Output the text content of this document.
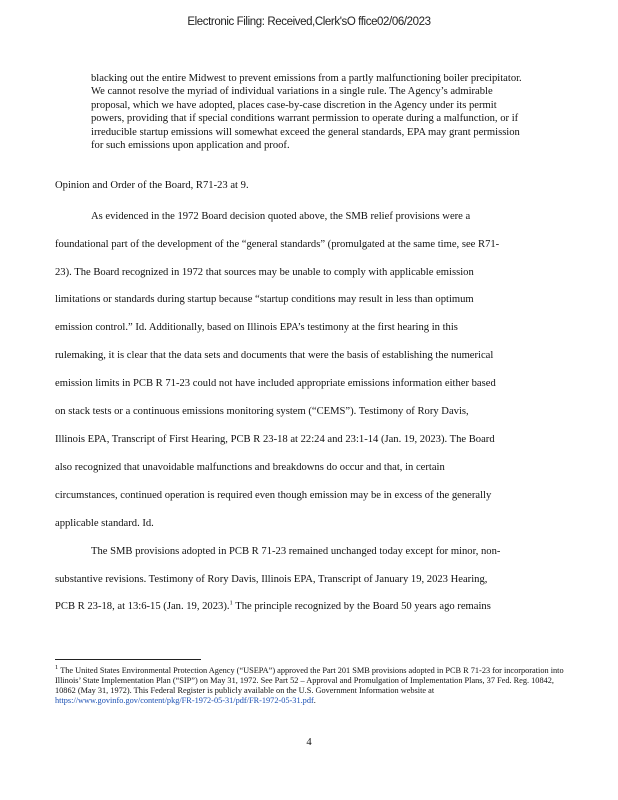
Electronic Filing: Received,Clerk'sO ffice02/06/2023

blacking out the entire Midwest to prevent emissions from a partly malfunctioning boiler precipitator. We cannot resolve the myriad of individual variations in a single rule. The Agency’s admirable proposal, which we have adopted, places case-by-case discretion in the Agency under its permit powers, providing that if special conditions warrant permission to operate during a malfunction, or if irreducible startup emissions will somewhat exceed the general standards, EPA may grant permission for such emissions upon application and proof.

Opinion and Order of the Board, R71-23 at 9.
As evidenced in the 1972 Board decision quoted above, the SMB relief provisions were a
foundational part of the development of the “general standards” (promulgated at the same time, see R71-
23). The Board recognized in 1972 that sources may be unable to comply with applicable emission
limitations or standards during startup because “startup conditions may result in less than optimum
emission control.” Id. Additionally, based on Illinois EPA’s testimony at the first hearing in this
rulemaking, it is clear that the data sets and documents that were the basis of establishing the numerical
emission limits in PCB R 71-23 could not have included appropriate emissions information either based
on stack tests or a continuous emissions monitoring system (“CEMS”). Testimony of Rory Davis,
Illinois EPA, Transcript of First Hearing, PCB R 23-18 at 22:24 and 23:1-14 (Jan. 19, 2023). The Board
also recognized that unavoidable malfunctions and breakdowns do occur and that, in certain
circumstances, continued operation is required even though emission may be in excess of the generally
applicable standard. Id.
The SMB provisions adopted in PCB R 71-23 remained unchanged today except for minor, non-
substantive revisions. Testimony of Rory Davis, Illinois EPA, Transcript of January 19, 2023 Hearing,
PCB R 23-18, at 13:6-15 (Jan. 19, 2023).$^1$ The principle recognized by the Board 50 years ago remains
$^1$ The United States Environmental Protection Agency (“USEPA”) approved the Part 201 SMB provisions adopted in PCB R 71-23 for incorporation into Illinois’ State Implementation Plan (“SIP”) on May 31, 1972. See Part 52 – Approval and Promulgation of Implementation Plans, 37 Fed. Reg. 10842, 10862 (May 31, 1972). This Federal Register is publicly available on the U.S. Government Information website at https://www.govinfo.gov/content/pkg/FR-1972-05-31/pdf/FR-1972-05-31.pdf.
4
